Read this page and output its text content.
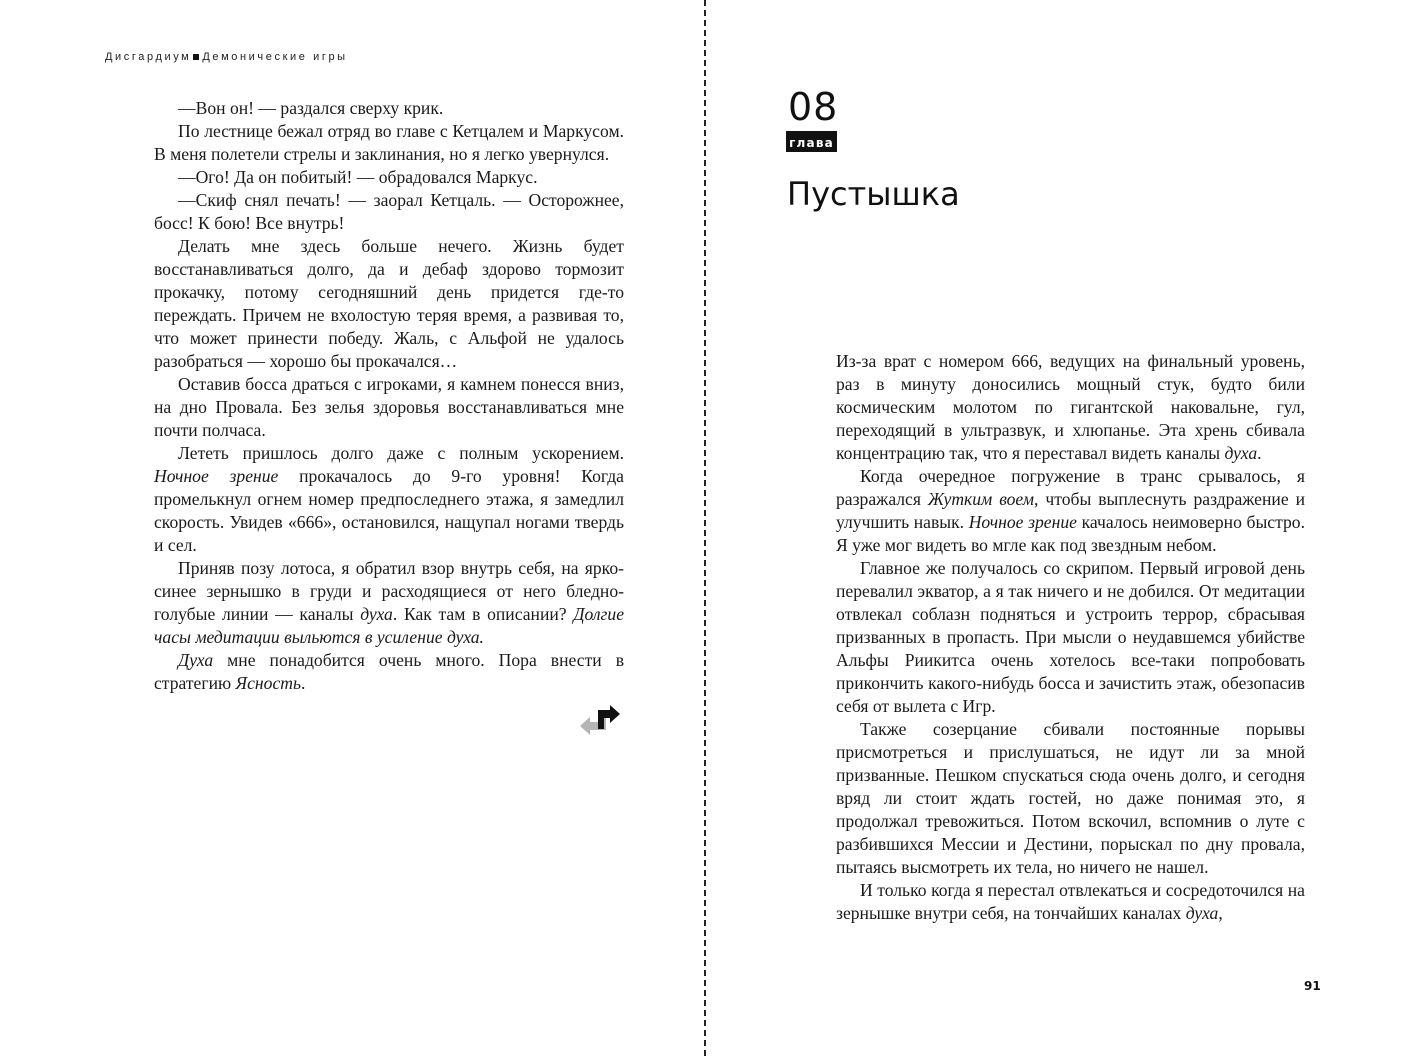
Дисгардиум Демонические игры

—Вон он! — раздался сверху крик.

По лестнице бежал отряд во главе с Кетцалем и Маркусом. В меня полетели стрелы и заклинания, но я легко увернулся.

—Ого! Да он побитый! — обрадовался Маркус.

—Скиф снял печать! — заорал Кетцаль. — Осторожнее, босс! К бою! Все внутрь!

Делать мне здесь больше нечего. Жизнь будет восстанавливаться долго, да и дебаф здорово тормозит прокачку, потому сегодняшний день придется где-то переждать. Причем не вхолостую теряя время, а развивая то, что может принести победу. Жаль, с Альфой не удалось разобраться — хорошо бы прокачался…

Оставив босса драться с игроками, я камнем понесся вниз, на дно Провала. Без зелья здоровья восстанавливаться мне почти полчаса.

Лететь пришлось долго даже с полным ускорением. Ночное зрение прокачалось до 9-го уровня! Когда промелькнул огнем номер предпоследнего этажа, я замедлил скорость. Увидев «666», остановился, нащупал ногами твердь и сел.

Приняв позу лотоса, я обратил взор внутрь себя, на ярко-синее зернышко в груди и расходящиеся от него бледно-голубые линии — каналы духа. Как там в описании? Долгие часы медитации выльются в усиление духа.

Духа мне понадобится очень много. Пора внести в стратегию Ясность.

08
глава
Пустышка

Из-за врат с номером 666, ведущих на финальный уровень, раз в минуту доносились мощный стук, будто били космическим молотом по гигантской наковальне, гул, переходящий в ультразвук, и хлюпанье. Эта хрень сбивала концентрацию так, что я переставал видеть каналы духа.

Когда очередное погружение в транс срывалось, я разражался Жутким воем, чтобы выплеснуть раздражение и улучшить навык. Ночное зрение качалось неимоверно быстро. Я уже мог видеть во мгле как под звездным небом.

Главное же получалось со скрипом. Первый игровой день перевалил экватор, а я так ничего и не добился. От медитации отвлекал соблазн подняться и устроить террор, сбрасывая призванных в пропасть. При мысли о неудавшемся убийстве Альфы Риикитса очень хотелось все-таки попробовать прикончить какого-нибудь босса и зачистить этаж, обезопасив себя от вылета с Игр.

Также созерцание сбивали постоянные порывы присмотреться и прислушаться, не идут ли за мной призванные. Пешком спускаться сюда очень долго, и сегодня вряд ли стоит ждать гостей, но даже понимая это, я продолжал тревожиться. Потом вскочил, вспомнив о луте с разбившихся Мессии и Дестини, порыскал по дну провала, пытаясь высмотреть их тела, но ничего не нашел.

И только когда я перестал отвлекаться и сосредоточился на зернышке внутри себя, на тончайших каналах духа,

91
